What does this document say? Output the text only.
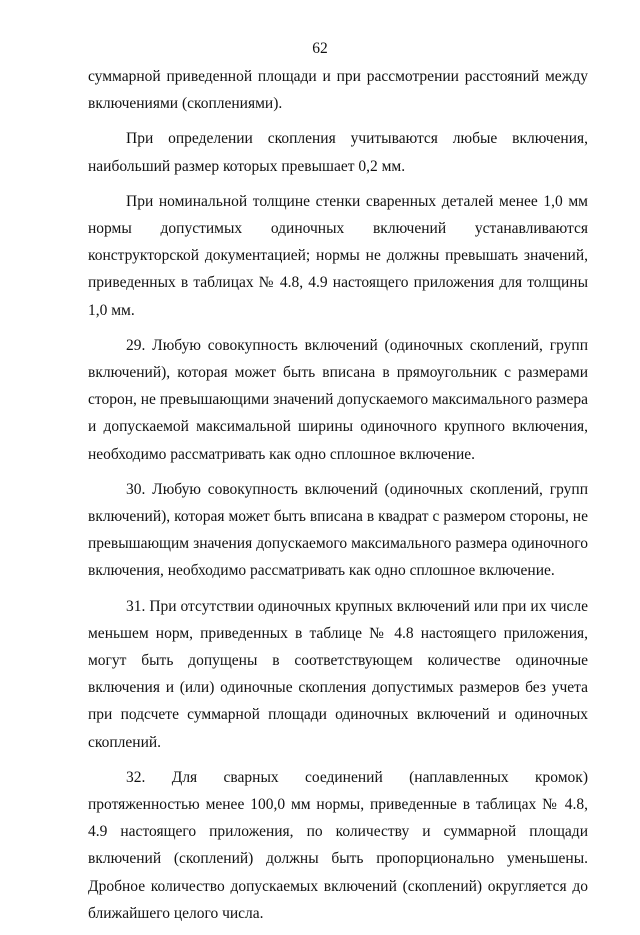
62

суммарной приведенной площади и при рассмотрении расстояний между включениями (скоплениями).

При определении скопления учитываются любые включения, наибольший размер которых превышает 0,2 мм.

При номинальной толщине стенки сваренных деталей менее 1,0 мм нормы допустимых одиночных включений устанавливаются конструкторской документацией; нормы не должны превышать значений, приведенных в таблицах № 4.8, 4.9 настоящего приложения для толщины 1,0 мм.

29. Любую совокупность включений (одиночных скоплений, групп включений), которая может быть вписана в прямоугольник с размерами сторон, не превышающими значений допускаемого максимального размера и допускаемой максимальной ширины одиночного крупного включения, необходимо рассматривать как одно сплошное включение.

30. Любую совокупность включений (одиночных скоплений, групп включений), которая может быть вписана в квадрат с размером стороны, не превышающим значения допускаемого максимального размера одиночного включения, необходимо рассматривать как одно сплошное включение.

31. При отсутствии одиночных крупных включений или при их числе меньшем норм, приведенных в таблице № 4.8 настоящего приложения, могут быть допущены в соответствующем количестве одиночные включения и (или) одиночные скопления допустимых размеров без учета при подсчете суммарной площади одиночных включений и одиночных скоплений.

32. Для сварных соединений (наплавленных кромок) протяженностью менее 100,0 мм нормы, приведенные в таблицах № 4.8, 4.9 настоящего приложения, по количеству и суммарной площади включений (скоплений) должны быть пропорционально уменьшены. Дробное количество допускаемых включений (скоплений) округляется до ближайшего целого числа.
